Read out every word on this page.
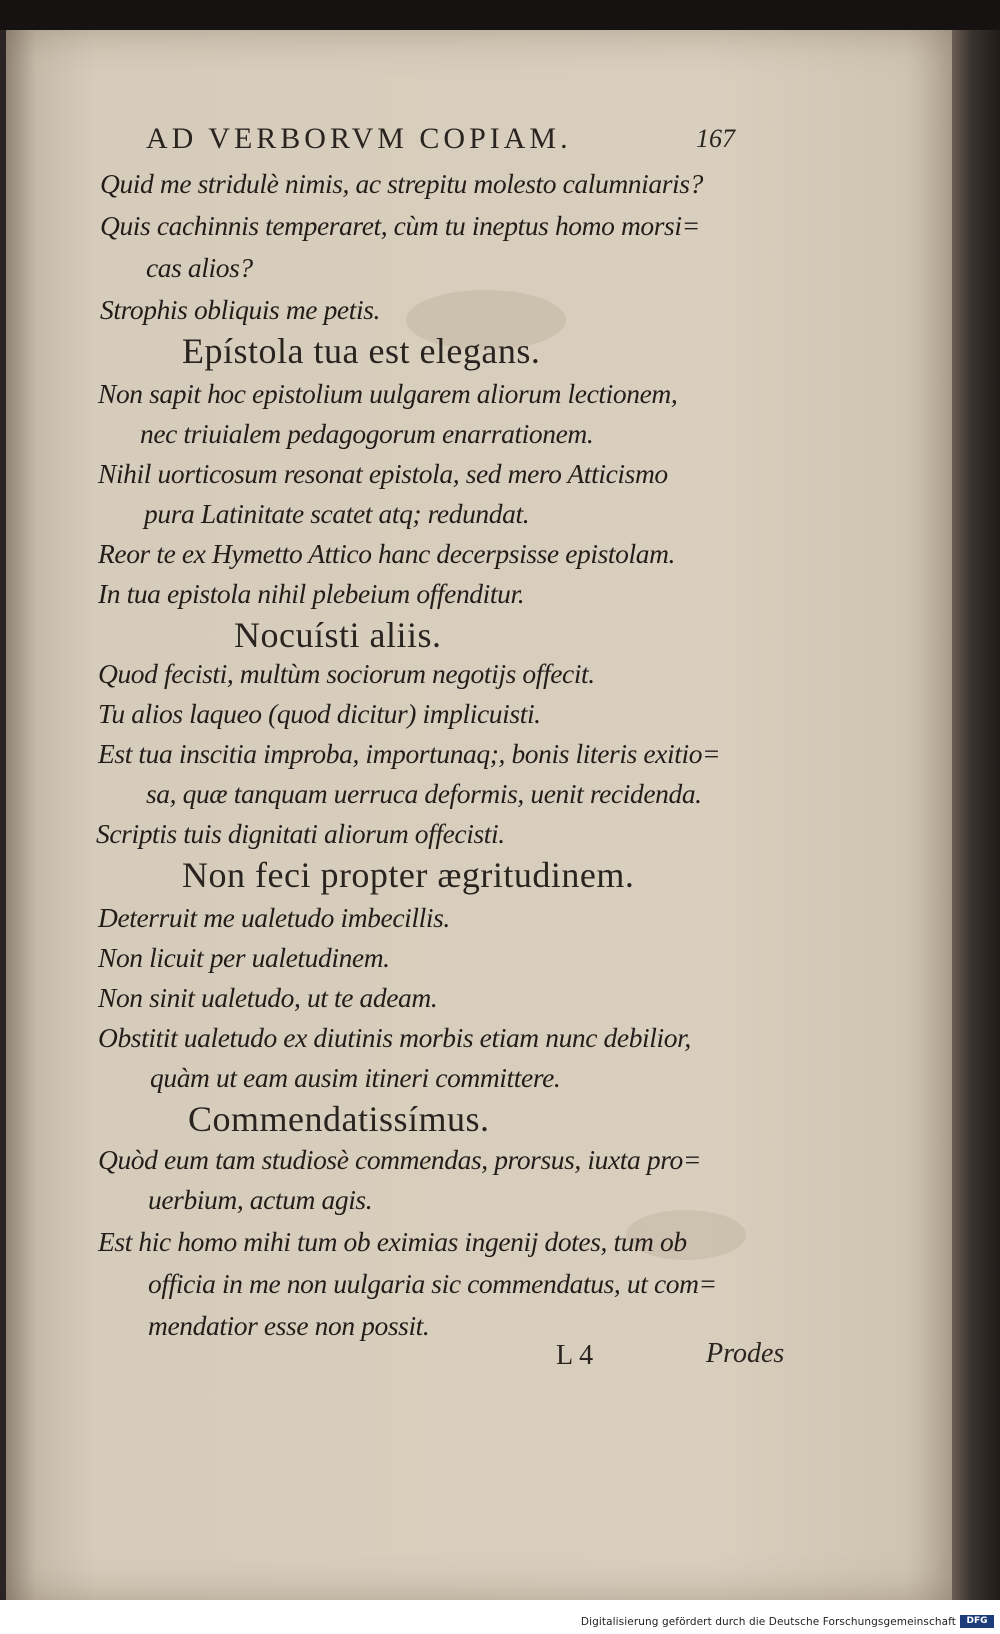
AD VERBORVM COPIAM.	167
Quid me stridulè nimis, ac strepitu molesto calumniaris?
Quis cachinnis temperaret, cùm tu ineptus homo morsi=
cas alios?
Strophis obliquis me petis.
Epístola tua est elegans.
Non sapit hoc epistolium uulgarem aliorum lectionem,
nec triuialem pedagogorum enarrationem.
Nihil uorticosum resonat epistola, sed mero Atticismo
pura Latinitate scatet atq; redundat.
Reor te ex Hymetto Attico hanc decerpsisse epistolam.
In tua epistola nihil plebeium offenditur.
Nocuísti aliis.
Quod fecisti, multùm sociorum negotijs offecit.
Tu alios laqueo (quod dicitur) implicuisti.
Est tua inscitia improba, importunaq;, bonis literis exitio=
sa, quæ tanquam uerruca deformis, uenit recidenda.
Scriptis tuis dignitati aliorum offecisti.
Non feci propter ægritudinem.
Deterruit me ualetudo imbecillis.
Non licuit per ualetudinem.
Non sinit ualetudo, ut te adeam.
Obstitit ualetudo ex diutinis morbis etiam nunc debilior,
quàm ut eam ausim itineri committere.
Commendatissímus.
Quòd eum tam studiosè commendas, prorsus, iuxta pro=
uerbium, actum agis.
Est hic homo mihi tum ob eximias ingenij dotes, tum ob
officia in me non uulgaria sic commendatus, ut com=
mendatior esse non possit.
L 4	Prodes
Digitalisierung gefördert durch die Deutsche Forschungsgemeinschaft	DFG
